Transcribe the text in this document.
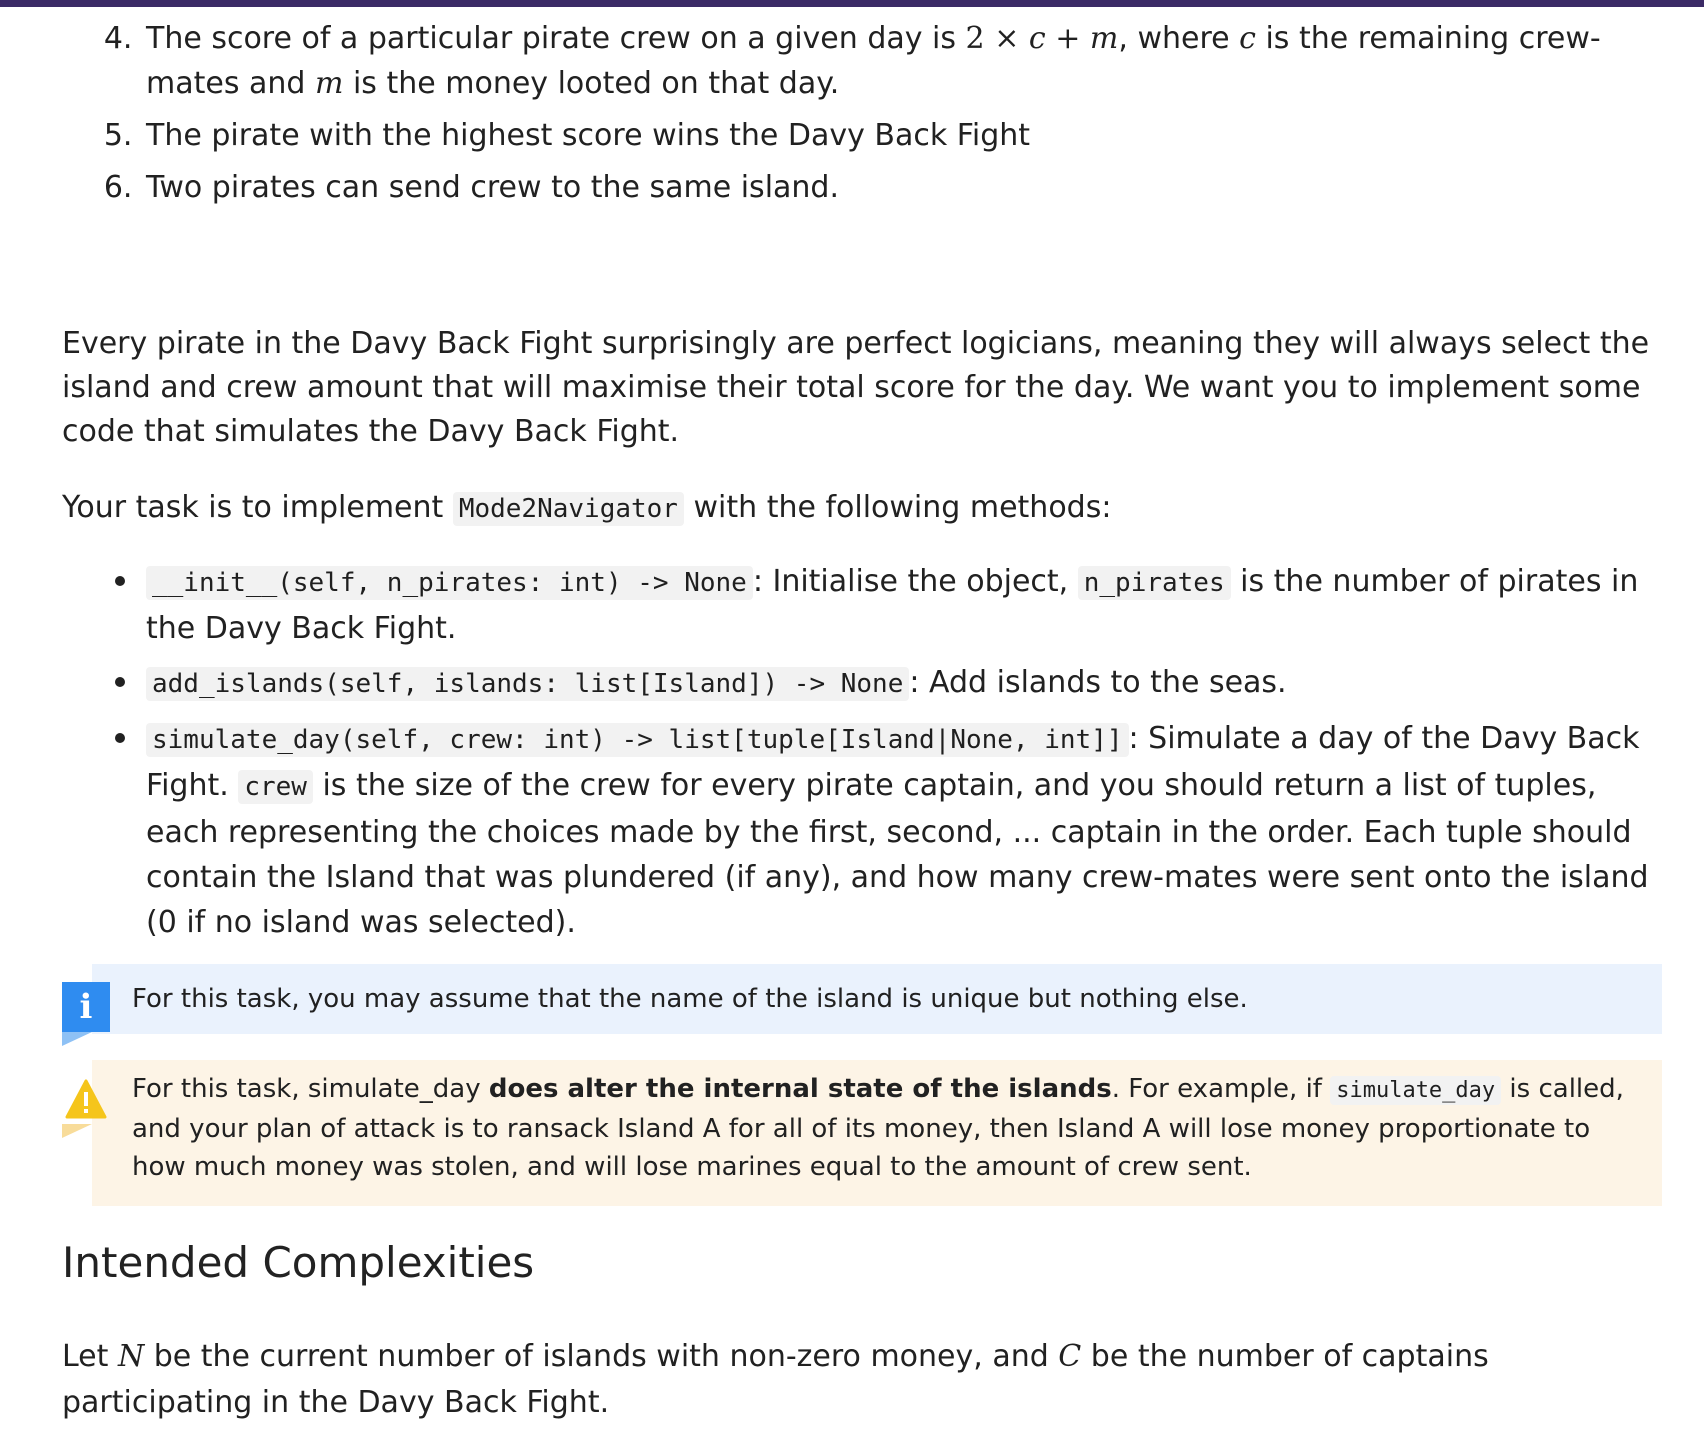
4. The score of a particular pirate crew on a given day is 2 × c + m, where c is the remaining crew-mates and m is the money looted on that day.
5. The pirate with the highest score wins the Davy Back Fight
6. Two pirates can send crew to the same island.

Every pirate in the Davy Back Fight surprisingly are perfect logicians, meaning they will always select the island and crew amount that will maximise their total score for the day. We want you to implement some code that simulates the Davy Back Fight.

Your task is to implement Mode2Navigator with the following methods:

• __init__(self, n_pirates: int) -> None : Initialise the object, n_pirates is the number of pirates in the Davy Back Fight.
• add_islands(self, islands: list[Island]) -> None : Add islands to the seas.
• simulate_day(self, crew: int) -> list[tuple[Island|None, int]] : Simulate a day of the Davy Back Fight. crew is the size of the crew for every pirate captain, and you should return a list of tuples, each representing the choices made by the first, second, ... captain in the order. Each tuple should contain the Island that was plundered (if any), and how many crew-mates were sent onto the island (0 if no island was selected).
i	For this task, you may assume that the name of the island is unique but nothing else.
For this task, simulate_day does alter the internal state of the islands. For example, if simulate_day is called, and your plan of attack is to ransack Island A for all of its money, then Island A will lose money proportionate to how much money was stolen, and will lose marines equal to the amount of crew sent.
Intended Complexities

Let N be the current number of islands with non-zero money, and C be the number of captains participating in the Davy Back Fight.
